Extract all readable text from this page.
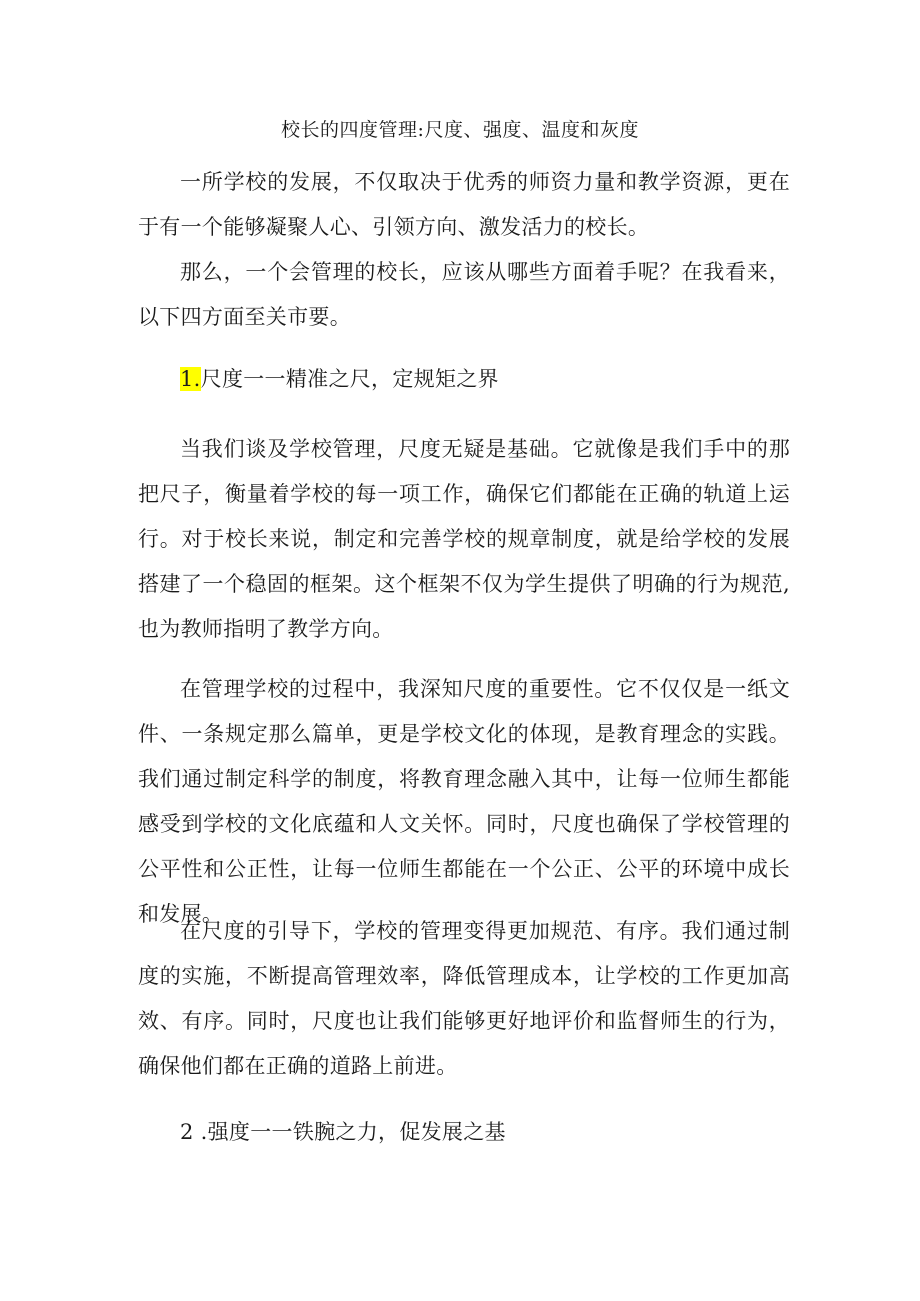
校长的四度管理:尺度、强度、温度和灰度

一所学校的发展，不仅取决于优秀的师资力量和教学资源，更在于有一个能够凝聚人心、引领方向、激发活力的校长。

那么，一个会管理的校长，应该从哪些方面着手呢？在我看来，以下四方面至关市要。

1.尺度一一精准之尺，定规矩之界

当我们谈及学校管理，尺度无疑是基础。它就像是我们手中的那把尺子，衡量着学校的每一项工作，确保它们都能在正确的轨道上运行。对于校长来说，制定和完善学校的规章制度，就是给学校的发展搭建了一个稳固的框架。这个框架不仅为学生提供了明确的行为规范,也为教师指明了教学方向。

在管理学校的过程中，我深知尺度的重要性。它不仅仅是一纸文件、一条规定那么篇单，更是学校文化的体现，是教育理念的实践。我们通过制定科学的制度，将教育理念融入其中，让每一位师生都能感受到学校的文化底蕴和人文关怀。同时，尺度也确保了学校管理的公平性和公正性，让每一位师生都能在一个公正、公平的环境中成长和发展。

在尺度的引导下，学校的管理变得更加规范、有序。我们通过制度的实施，不断提高管理效率，降低管理成本，让学校的工作更加高效、有序。同时，尺度也让我们能够更好地评价和监督师生的行为，确保他们都在正确的道路上前进。

2 .强度一一铁腕之力，促发展之基
